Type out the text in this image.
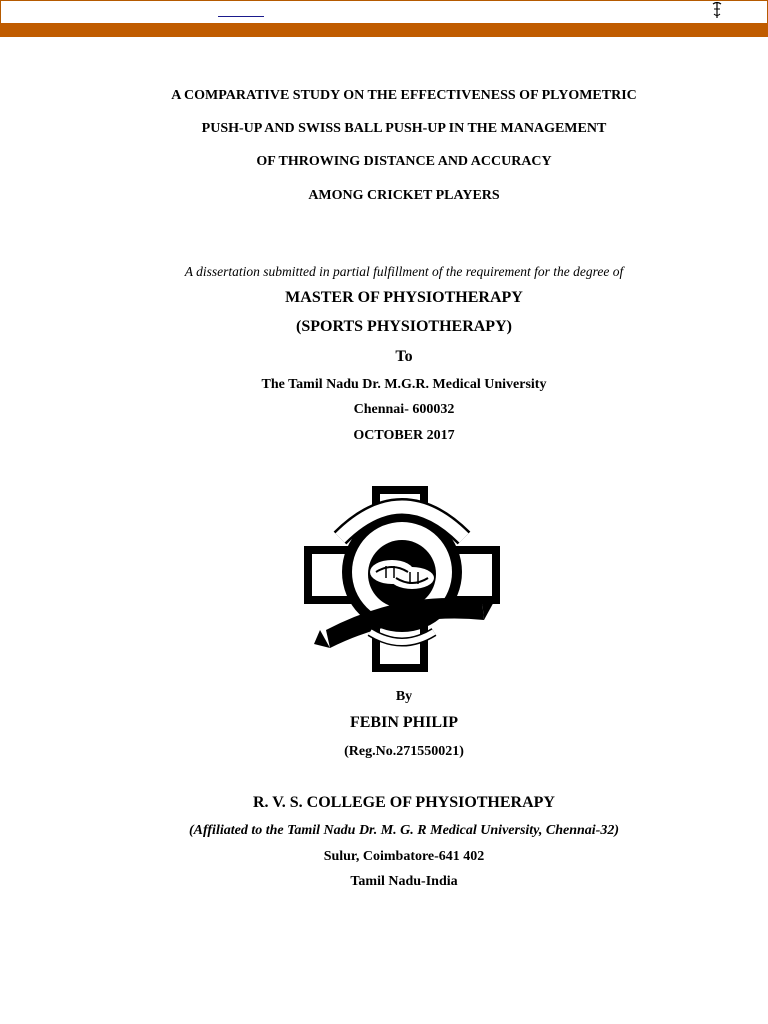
A COMPARATIVE STUDY ON THE EFFECTIVENESS OF PLYOMETRIC
PUSH-UP AND SWISS BALL PUSH-UP IN THE MANAGEMENT
OF THROWING DISTANCE AND ACCURACY
AMONG CRICKET PLAYERS
A dissertation submitted in partial fulfillment of the requirement for the degree of
MASTER OF PHYSIOTHERAPY
(SPORTS PHYSIOTHERAPY)
To
The Tamil Nadu Dr. M.G.R. Medical University
Chennai- 600032
OCTOBER 2017
By
FEBIN PHILIP
(Reg.No.271550021)
R. V. S. COLLEGE OF PHYSIOTHERAPY
(Affiliated to the Tamil Nadu Dr. M. G. R Medical University, Chennai-32)
Sulur, Coimbatore-641 402
Tamil Nadu-India
